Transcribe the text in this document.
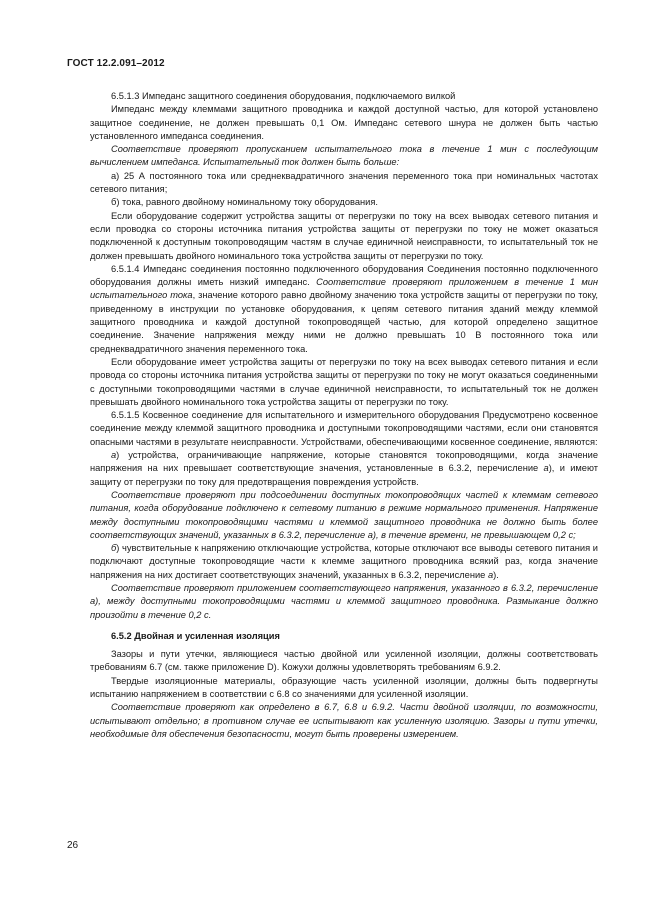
ГОСТ 12.2.091–2012

6.5.1.3 Импеданс защитного соединения оборудования, подключаемого вилкой

Импеданс между клеммами защитного проводника и каждой доступной частью, для которой установлено защитное соединение, не должен превышать 0,1 Ом. Импеданс сетевого шнура не должен быть частью установленного импеданса соединения.

Соответствие проверяют пропусканием испытательного тока в течение 1 мин с последующим вычислением импеданса. Испытательный ток должен быть больше:

а) 25 А постоянного тока или среднеквадратичного значения переменного тока при номинальных частотах сетевого питания;

б) тока, равного двойному номинальному току оборудования.

Если оборудование содержит устройства защиты от перегрузки по току на всех выводах сетевого питания и если проводка со стороны источника питания устройства защиты от перегрузки по току не может оказаться подключенной к доступным токопроводящим частям в случае единичной неисправности, то испытательный ток не должен превышать двойного номинального тока устройства защиты от перегрузки по току.

6.5.1.4 Импеданс соединения постоянно подключенного оборудования Соединения постоянно подключенного оборудования должны иметь низкий импеданс. Соответствие проверяют приложением в течение 1 мин испытательного тока, значение которого равно двойному значению тока устройств защиты от перегрузки по току, приведенному в инструкции по установке оборудования, к цепям сетевого питания зданий между клеммой защитного проводника и каждой доступной токопроводящей частью, для которой определено защитное соединение. Значение напряжения между ними не должно превышать 10 В постоянного тока или среднеквадратичного значения переменного тока.

Если оборудование имеет устройства защиты от перегрузки по току на всех выводах сетевого питания и если провода со стороны источника питания устройства защиты от перегрузки по току не могут оказаться соединенными с доступными токопроводящими частями в случае единичной неисправности, то испытательный ток не должен превышать двойного номинального тока устройства защиты от перегрузки по току.

6.5.1.5 Косвенное соединение для испытательного и измерительного оборудования Предусмотрено косвенное соединение между клеммой защитного проводника и доступными токопроводящими частями, если они становятся опасными частями в результате неисправности. Устройствами, обеспечивающими косвенное соединение, являются:

а) устройства, ограничивающие напряжение, которые становятся токопроводящими, когда значение напряжения на них превышает соответствующие значения, установленные в 6.3.2, перечисление а), и имеют защиту от перегрузки по току для предотвращения повреждения устройств.

Соответствие проверяют при подсоединении доступных токопроводящих частей к клеммам сетевого питания, когда оборудование подключено к сетевому питанию в режиме нормального применения. Напряжение между доступными токопроводящими частями и клеммой защитного проводника не должно быть более соответствующих значений, указанных в 6.3.2, перечисление а), в течение времени, не превышающем 0,2 с;

б) чувствительные к напряжению отключающие устройства, которые отключают все выводы сетевого питания и подключают доступные токопроводящие части к клемме защитного проводника всякий раз, когда значение напряжения на них достигает соответствующих значений, указанных в 6.3.2, перечисление а).

Соответствие проверяют приложением соответствующего напряжения, указанного в 6.3.2, перечисление а), между доступными токопроводящими частями и клеммой защитного проводника. Размыкание должно произойти в течение 0,2 с.

6.5.2 Двойная и усиленная изоляция

Зазоры и пути утечки, являющиеся частью двойной или усиленной изоляции, должны соответствовать требованиям 6.7 (см. также приложение D). Кожухи должны удовлетворять требованиям 6.9.2.

Твердые изоляционные материалы, образующие часть усиленной изоляции, должны быть подвергнуты испытанию напряжением в соответствии с 6.8 со значениями для усиленной изоляции.

Соответствие проверяют как определено в 6.7, 6.8 и 6.9.2. Части двойной изоляции, по возможности, испытывают отдельно; в противном случае ее испытывают как усиленную изоляцию. Зазоры и пути утечки, необходимые для обеспечения безопасности, могут быть проверены измерением.

26
